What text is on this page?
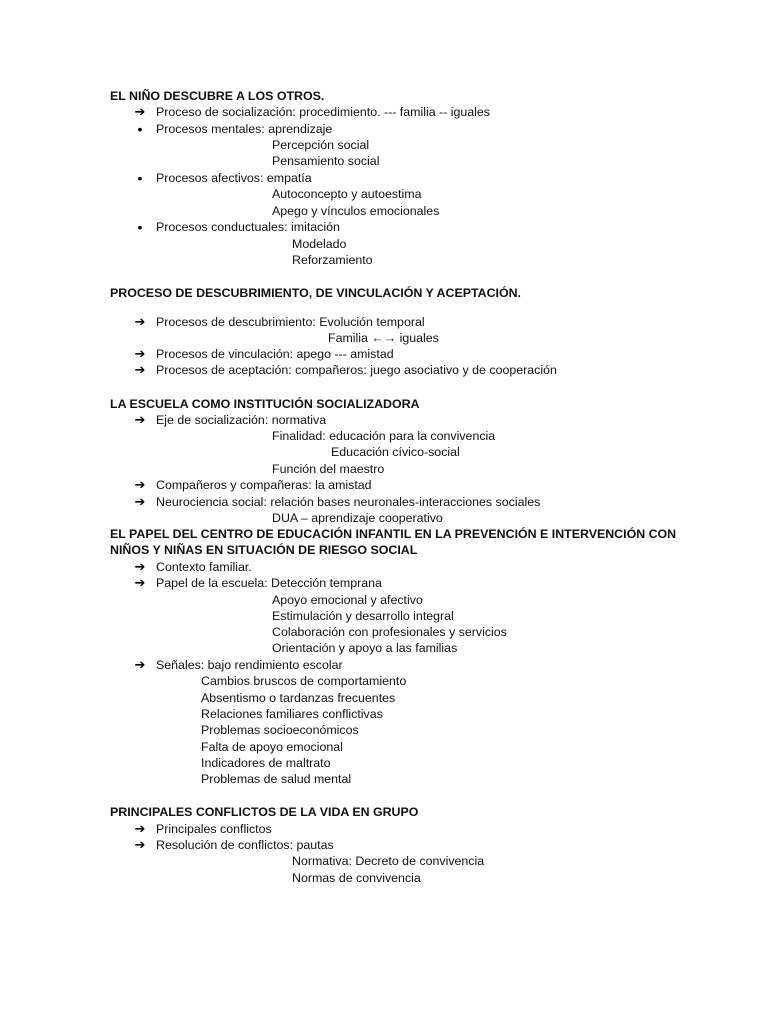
EL NIÑO DESCUBRE A LOS OTROS.
➔ Proceso de socialización: procedimiento. --- familia -- iguales
•	Procesos mentales: aprendizaje
Percepción social
Pensamiento social
•	Procesos afectivos: empatía
Autoconcepto y autoestima
Apego y vínculos emocionales
•	Procesos conductuales: imitación
Modelado
Reforzamiento
PROCESO DE DESCUBRIMIENTO, DE VINCULACIÓN Y ACEPTACIÓN.
➔ Procesos de descubrimiento: Evolución temporal
Familia ←→ iguales
➔ Procesos de vinculación: apego --- amistad
➔ Procesos de aceptación: compañeros: juego asociativo y de cooperación
LA ESCUELA COMO INSTITUCIÓN SOCIALIZADORA
➔ Eje de socialización: normativa
Finalidad: educación para la convivencia
Educación cívico-social
Función del maestro
➔ Compañeros y compañeras: la amistad
➔ Neurociencia social: relación bases neuronales-interacciones sociales
DUA – aprendizaje cooperativo
EL PAPEL DEL CENTRO DE EDUCACIÓN INFANTIL EN LA PREVENCIÓN E INTERVENCIÓN CON
NIÑOS Y NIÑAS EN SITUACIÓN DE RIESGO SOCIAL
➔ Contexto familiar.
➔ Papel de la escuela: Detección temprana
Apoyo emocional y afectivo
Estimulación y desarrollo integral
Colaboración con profesionales y servicios
Orientación y apoyo a las familias
➔ Señales: bajo rendimiento escolar
Cambios bruscos de comportamiento
Absentismo o tardanzas frecuentes
Relaciones familiares conflictivas
Problemas socioeconómicos
Falta de apoyo emocional
Indicadores de maltrato
Problemas de salud mental
PRINCIPALES CONFLICTOS DE LA VIDA EN GRUPO
➔ Principales conflictos
➔ Resolución de conflictos: pautas
Normativa: Decreto de convivencia
Normas de convivencia
